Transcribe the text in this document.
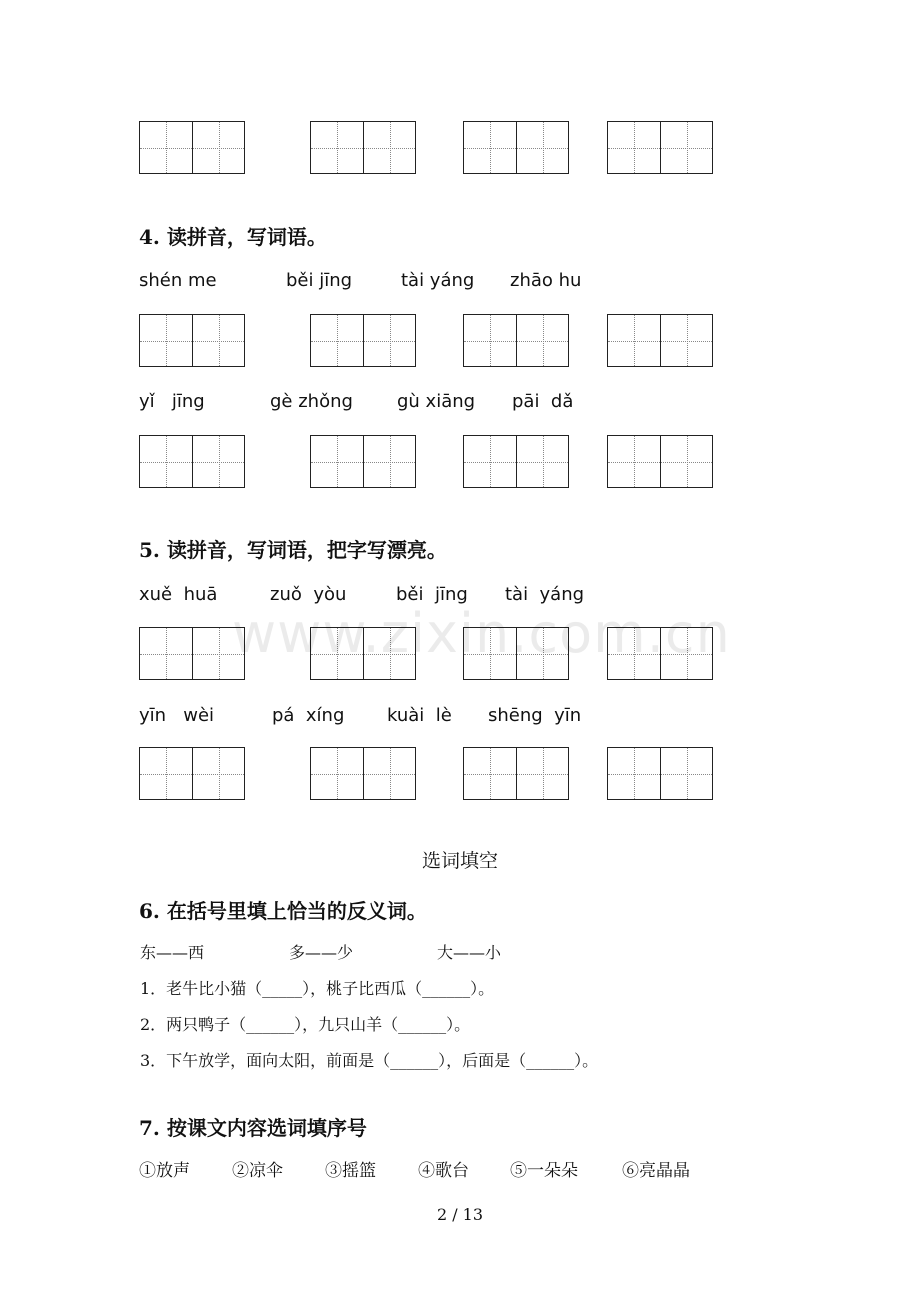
www.zixin.com.cn
4. 读拼音，写词语。
shén me	běi jīng	tài yáng zhāo hu
yǐ   jīng	gè zhǒng gù xiāng pāi  dǎ
5. 读拼音，写词语，把字写漂亮。
xuě  huā	zuǒ  yòu	běi  jīng tài  yáng
yīn   wèi	pá  xíng kuài  lè shēng  yīn
选词填空
6. 在括号里填上恰当的反义词。
东——西	多——少	大——小
1．老牛比小猫（_____），桃子比西瓜（______）。
2．两只鸭子（______），九只山羊（______）。
3．下午放学，面向太阳，前面是（______），后面是（______）。
7. 按课文内容选词填序号
①放声 ②凉伞 ③摇篮 ④歌台 ⑤一朵朵	⑥亮晶晶
2 / 13
